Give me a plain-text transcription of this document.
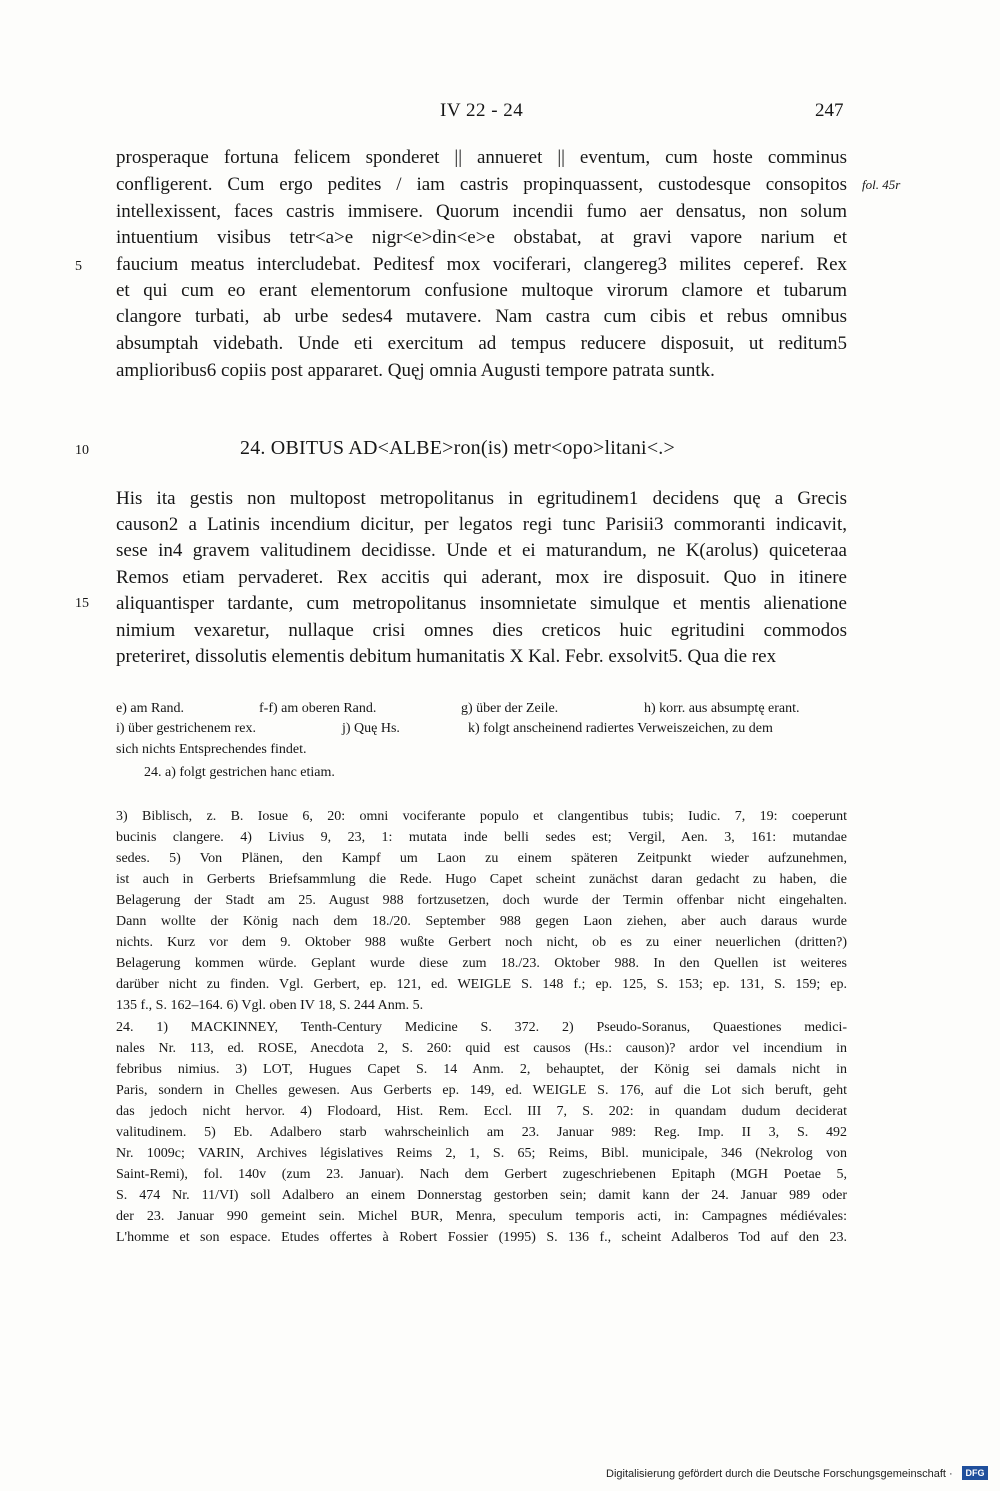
IV 22 - 24	247
prosperaque fortuna felicem sponderet || annueret || eventum, cum hoste comminus
confligerent. Cum ergo pedites / iam castris propinquassent, custodesque consopitos
intellexissent, faces castris immisere. Quorum incendii fumo aer densatus, non solum
intuentium visibus tetr<a>e nigr<e>din<e>e obstabat, at gravi vapore narium et
faucium meatus intercludebat. Peditesf mox vociferari, clangereg3 milites ceperef. Rex
et qui cum eo erant elementorum confusione multoque virorum clamore et tubarum
clangore turbati, ab urbe sedes4 mutavere. Nam castra cum cibis et rebus omnibus
absumptah videbath. Unde eti exercitum ad tempus reducere disposuit, ut reditum5
amplioribus6 copiis post appararet. Quęj omnia Augusti tempore patrata suntk.
fol. 45r
5
10
15
24. OBITUS AD<ALBE>ron(is) metr<opo>litani<.>
His ita gestis non multopost metropolitanus in egritudinem1 decidens quę a Grecis
causon2 a Latinis incendium dicitur, per legatos regi tunc Parisii3 commoranti indicavit,
sese in4 gravem valitudinem decidisse. Unde et ei maturandum, ne K(arolus) quiceteraa
Remos etiam pervaderet. Rex accitis qui aderant, mox ire disposuit. Quo in itinere
aliquantisper tardante, cum metropolitanus insomnietate simulque et mentis alienatione
nimium vexaretur, nullaque crisi omnes dies creticos huic egritudini commodos
preteriret, dissolutis elementis debitum humanitatis X Kal. Febr. exsolvit5. Qua die rex
e) am Rand.	f-f) am oberen Rand.	g) über der Zeile.	h) korr. aus absumptę erant.
i) über gestrichenem rex.	j) Quę Hs.	k) folgt anscheinend radiertes Verweiszeichen, zu dem
sich nichts Entsprechendes findet.
24. a) folgt gestrichen hanc etiam.
3) Biblisch, z. B. Iosue 6, 20: omni vociferante populo et clangentibus tubis; Iudic. 7, 19: coeperunt
bucinis clangere. 4) Livius 9, 23, 1: mutata inde belli sedes est; Vergil, Aen. 3, 161: mutandae
sedes. 5) Von Plänen, den Kampf um Laon zu einem späteren Zeitpunkt wieder aufzunehmen,
ist auch in Gerberts Briefsammlung die Rede. Hugo Capet scheint zunächst daran gedacht zu haben, die
Belagerung der Stadt am 25. August 988 fortzusetzen, doch wurde der Termin offenbar nicht eingehalten.
Dann wollte der König nach dem 18./20. September 988 gegen Laon ziehen, aber auch daraus wurde
nichts. Kurz vor dem 9. Oktober 988 wußte Gerbert noch nicht, ob es zu einer neuerlichen (dritten?)
Belagerung kommen würde. Geplant wurde diese zum 18./23. Oktober 988. In den Quellen ist weiteres
darüber nicht zu finden. Vgl. Gerbert, ep. 121, ed. WEIGLE S. 148 f.; ep. 125, S. 153; ep. 131, S. 159; ep.
135 f., S. 162–164. 6) Vgl. oben IV 18, S. 244 Anm. 5.
24. 1) MACKINNEY, Tenth-Century Medicine S. 372. 2) Pseudo-Soranus, Quaestiones medici-
nales Nr. 113, ed. ROSE, Anecdota 2, S. 260: quid est causos (Hs.: causon)? ardor vel incendium in
febribus nimius. 3) LOT, Hugues Capet S. 14 Anm. 2, behauptet, der König sei damals nicht in
Paris, sondern in Chelles gewesen. Aus Gerberts ep. 149, ed. WEIGLE S. 176, auf die Lot sich beruft, geht
das jedoch nicht hervor. 4) Flodoard, Hist. Rem. Eccl. III 7, S. 202: in quandam dudum deciderat
valitudinem. 5) Eb. Adalbero starb wahrscheinlich am 23. Januar 989: Reg. Imp. II 3, S. 492
Nr. 1009c; VARIN, Archives législatives Reims 2, 1, S. 65; Reims, Bibl. municipale, 346 (Nekrolog von
Saint-Remi), fol. 140v (zum 23. Januar). Nach dem Gerbert zugeschriebenen Epitaph (MGH Poetae 5,
S. 474 Nr. 11/VI) soll Adalbero an einem Donnerstag gestorben sein; damit kann der 24. Januar 989 oder
der 23. Januar 990 gemeint sein. Michel BUR, Menra, speculum temporis acti, in: Campagnes médiévales:
L'homme et son espace. Etudes offertes à Robert Fossier (1995) S. 136 f., scheint Adalberos Tod auf den 23.
Digitalisierung gefördert durch die Deutsche Forschungsgemeinschaft ·	DFG
